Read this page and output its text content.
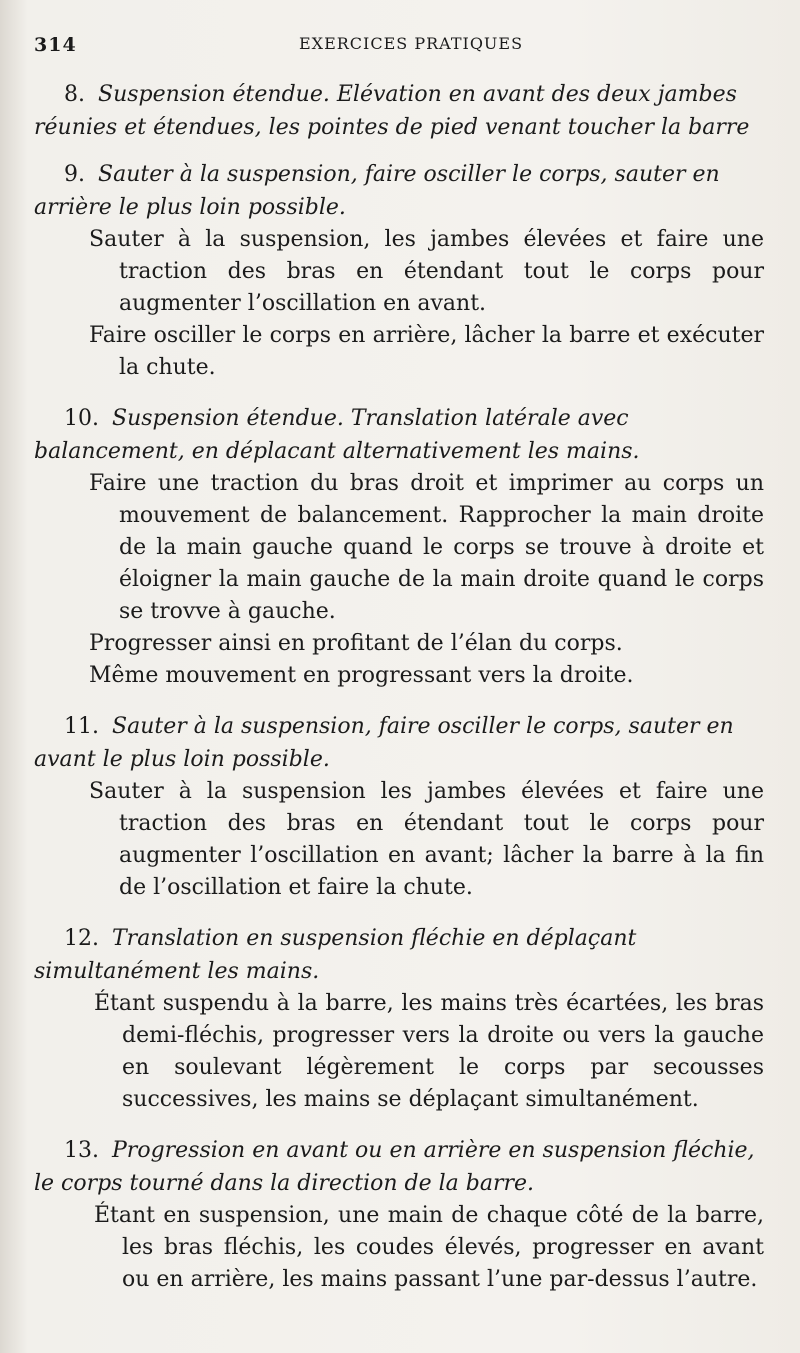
314	EXERCICES PRATIQUES

8. Suspension étendue. Elévation en avant des deux jambes réunies et étendues, les pointes de pied venant toucher la barre

9. Sauter à la suspension, faire osciller le corps, sauter en arrière le plus loin possible.

Sauter à la suspension, les jambes élevées et faire une traction des bras en étendant tout le corps pour augmenter l’oscillation en avant.

Faire osciller le corps en arrière, lâcher la barre et exécuter la chute.

10. Suspension étendue. Translation latérale avec balancement, en déplacant alternativement les mains.

Faire une traction du bras droit et imprimer au corps un mouvement de balancement. Rapprocher la main droite de la main gauche quand le corps se trouve à droite et éloigner la main gauche de la main droite quand le corps se trovve à gauche.

Progresser ainsi en profitant de l’élan du corps.

Même mouvement en progressant vers la droite.

11. Sauter à la suspension, faire osciller le corps, sauter en avant le plus loin possible.

Sauter à la suspension les jambes élevées et faire une traction des bras en étendant tout le corps pour augmenter l’oscillation en avant; lâcher la barre à la fin de l’oscillation et faire la chute.

12. Translation en suspension fléchie en déplaçant simultanément les mains.

Étant suspendu à la barre, les mains très écartées, les bras demi-fléchis, progresser vers la droite ou vers la gauche en soulevant légèrement le corps par secousses successives, les mains se déplaçant simultanément.

13. Progression en avant ou en arrière en suspension fléchie, le corps tourné dans la direction de la barre.

Étant en suspension, une main de chaque côté de la barre, les bras fléchis, les coudes élevés, progresser en avant ou en arrière, les mains passant l’une par-dessus l’autre.
